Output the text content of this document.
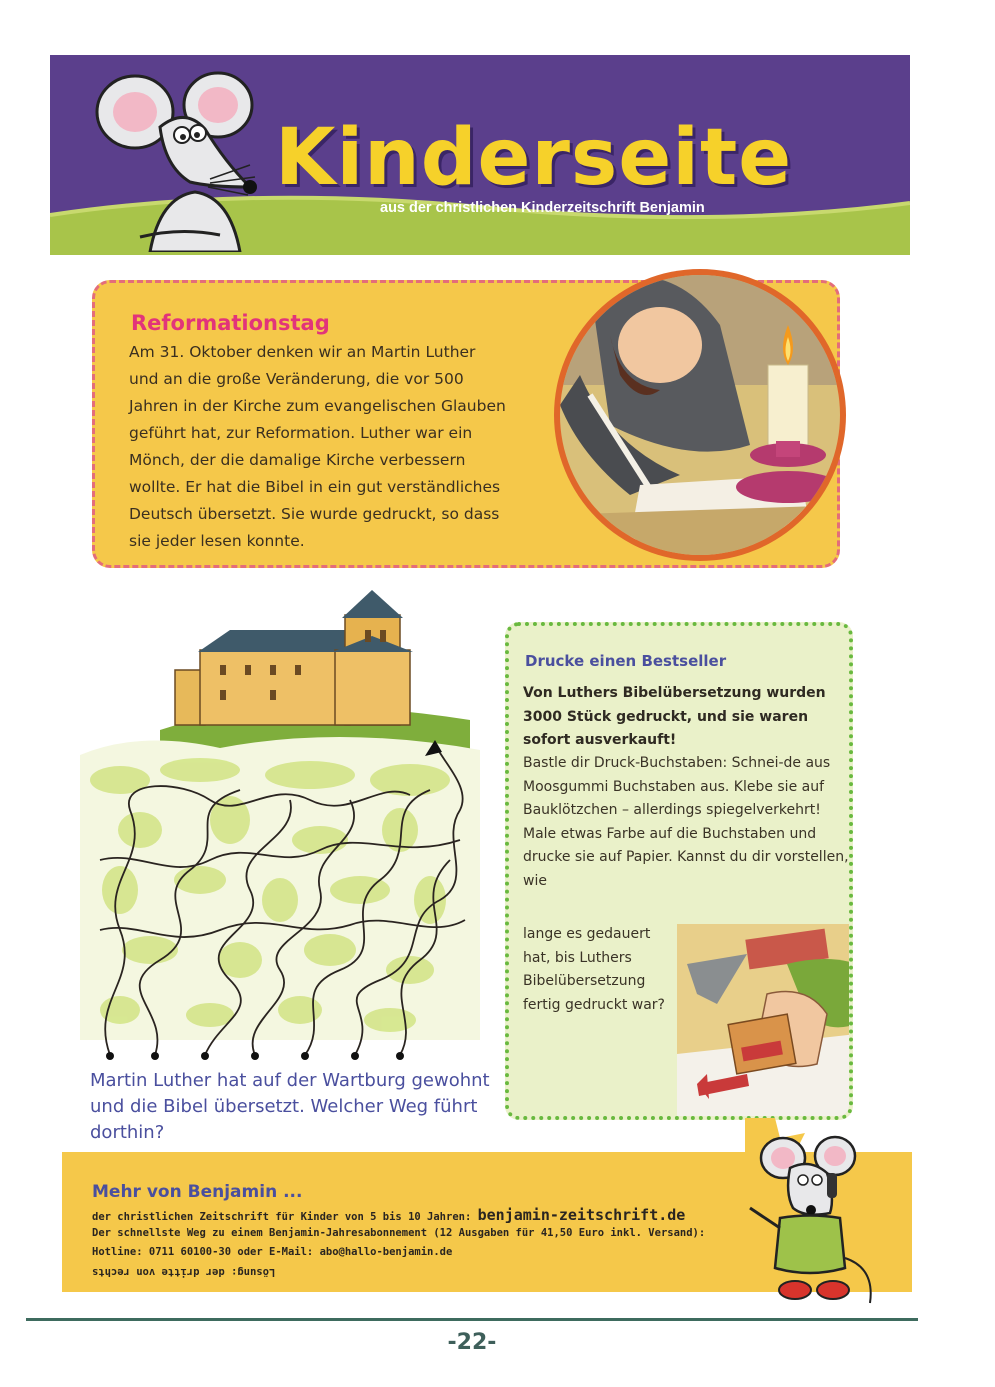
Kinderseite

aus der christlichen Kinderzeitschrift Benjamin

Reformationstag

Am 31. Oktober denken wir an Martin Luther und an die große Veränderung, die vor 500 Jahren in der Kirche zum evangelischen Glauben geführt hat, zur Reformation. Luther war ein Mönch, der die damalige Kirche verbessern wollte. Er hat die Bibel in ein gut verständliches Deutsch übersetzt. Sie wurde gedruckt, so dass sie jeder lesen konnte.

Martin Luther hat auf der Wartburg gewohnt und die Bibel übersetzt. Welcher Weg führt dorthin?

Drucke einen Bestseller

Von Luthers Bibelübersetzung wurden 3000 Stück gedruckt, und sie waren sofort ausverkauft!

Bastle dir Druck-Buchstaben: Schnei-de aus Moosgummi Buchstaben aus. Klebe sie auf Bauklötzchen – allerdings spiegelverkehrt! Male etwas Farbe auf die Buchstaben und drucke sie auf Papier. Kannst du dir vorstellen, wie

lange es gedauert hat, bis Luthers Bibelübersetzung fertig gedruckt war?

Mehr von Benjamin ...

der christlichen Zeitschrift für Kinder von 5 bis 10 Jahren: benjamin-zeitschrift.de

Der schnellste Weg zu einem Benjamin-Jahresabonnement (12 Ausgaben für 41,50 Euro inkl. Versand):

Hotline: 0711 60100-30 oder E-Mail: abo@hallo-benjamin.de

Lösung: der dritte von rechts

-22-
